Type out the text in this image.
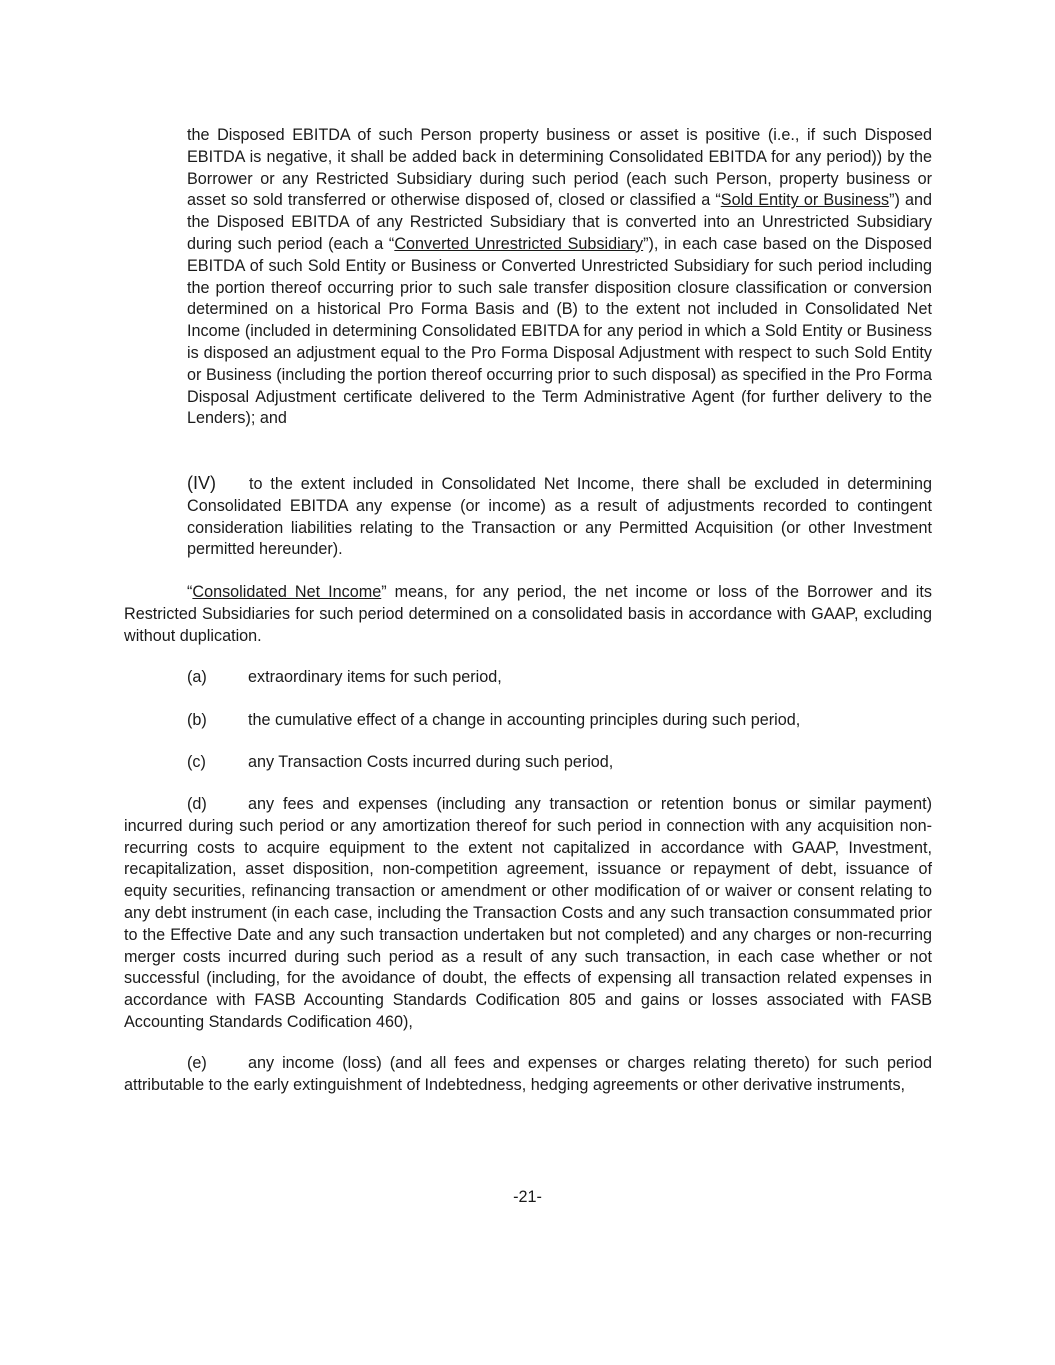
the Disposed EBITDA of such Person property business or asset is positive (i.e., if such Disposed EBITDA is negative, it shall be added back in determining Consolidated EBITDA for any period)) by the Borrower or any Restricted Subsidiary during such period (each such Person, property business or asset so sold transferred or otherwise disposed of, closed or classified a “Sold Entity or Business”) and the Disposed EBITDA of any Restricted Subsidiary that is converted into an Unrestricted Subsidiary during such period (each a “Converted Unrestricted Subsidiary”), in each case based on the Disposed EBITDA of such Sold Entity or Business or Converted Unrestricted Subsidiary for such period including the portion thereof occurring prior to such sale transfer disposition closure classification or conversion determined on a historical Pro Forma Basis and (B) to the extent not included in Consolidated Net Income (included in determining Consolidated EBITDA for any period in which a Sold Entity or Business is disposed an adjustment equal to the Pro Forma Disposal Adjustment with respect to such Sold Entity or Business (including the portion thereof occurring prior to such disposal) as specified in the Pro Forma Disposal Adjustment certificate delivered to the Term Administrative Agent (for further delivery to the Lenders); and
(IV) to the extent included in Consolidated Net Income, there shall be excluded in determining Consolidated EBITDA any expense (or income) as a result of adjustments recorded to contingent consideration liabilities relating to the Transaction or any Permitted Acquisition (or other Investment permitted hereunder).
“Consolidated Net Income” means, for any period, the net income or loss of the Borrower and its Restricted Subsidiaries for such period determined on a consolidated basis in accordance with GAAP, excluding without duplication.
(a)	extraordinary items for such period,
(b)	the cumulative effect of a change in accounting principles during such period,
(c)	any Transaction Costs incurred during such period,
(d)	any fees and expenses (including any transaction or retention bonus or similar payment) incurred during such period or any amortization thereof for such period in connection with any acquisition non-recurring costs to acquire equipment to the extent not capitalized in accordance with GAAP, Investment, recapitalization, asset disposition, non-competition agreement, issuance or repayment of debt, issuance of equity securities, refinancing transaction or amendment or other modification of or waiver or consent relating to any debt instrument (in each case, including the Transaction Costs and any such transaction consummated prior to the Effective Date and any such transaction undertaken but not completed) and any charges or non-recurring merger costs incurred during such period as a result of any such transaction, in each case whether or not successful (including, for the avoidance of doubt, the effects of expensing all transaction related expenses in accordance with FASB Accounting Standards Codification 805 and gains or losses associated with FASB Accounting Standards Codification 460),
(e)	any income (loss) (and all fees and expenses or charges relating thereto) for such period attributable to the early extinguishment of Indebtedness, hedging agreements or other derivative instruments,
-21-
